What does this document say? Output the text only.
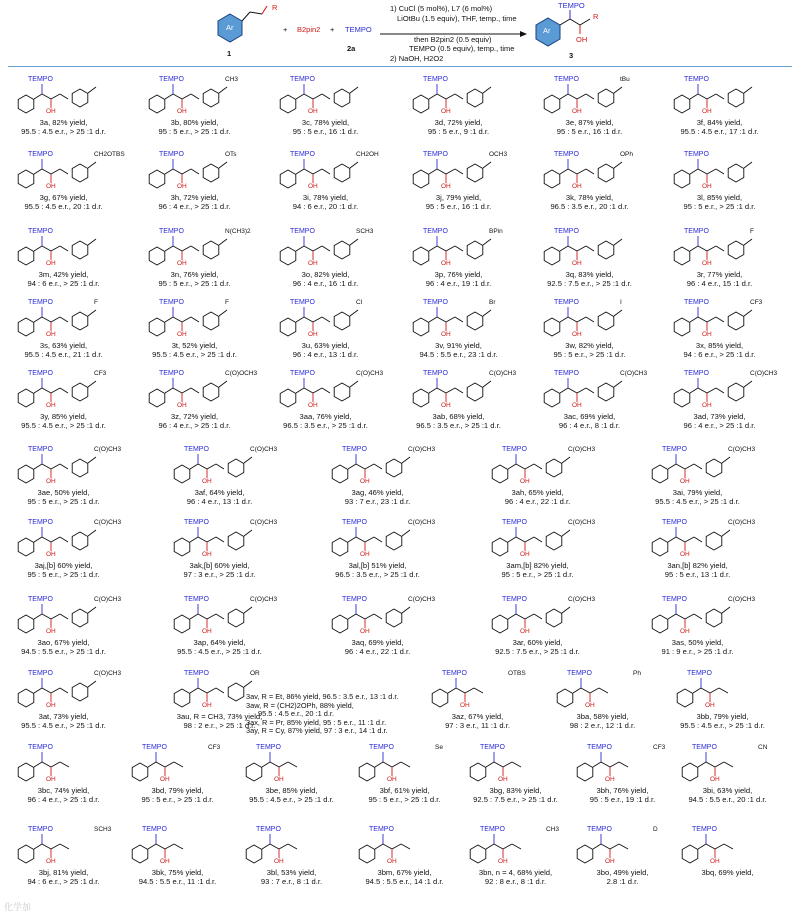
Ar
R
+ B2pin2 + TEMPO
1
2a
1) CuCl (5 mol%), L7 (6 mol%)
LiOtBu (1.5 equiv), THF, temp., time
then B2pin2 (0.5 equiv)
TEMPO (0.5 equiv), temp., time
2) NaOH, H2O2
Ar
TEMPO
OH
R
3
TEMPO
OH
3a, 82% yield,
95.5 : 4.5 e.r., > 25 :1 d.r.
TEMPO
OH
CH3
3b, 80% yield,
95 : 5 e.r., > 25 :1 d.r.
TEMPO
OH
3c, 78% yield,
95 : 5 e.r., 16 :1 d.r.
TEMPO
OH
3d, 72% yield,
95 : 5 e.r., 9 :1 d.r.
TEMPO
OH
tBu
3e, 87% yield,
95 : 5 e.r., 16 :1 d.r.
TEMPO
OH
3f, 84% yield,
95.5 : 4.5 e.r., 17 :1 d.r.
TEMPO
OH
CH2OTBS
3g, 67% yield,
95.5 : 4.5 e.r., 20 :1 d.r.
TEMPO
OH
OTs
3h, 72% yield,
96 : 4 e.r., > 25 :1 d.r.
TEMPO
OH
CH2OH
3i, 78% yield,
94 : 6 e.r., 20 :1 d.r.
TEMPO
OH
OCH3
3j, 79% yield,
95 : 5 e.r., 16 :1 d.r.
TEMPO
OH
OPh
3k, 78% yield,
96.5 : 3.5 e.r., 20 :1 d.r.
TEMPO
OH
3l, 85% yield,
95 : 5 e.r., > 25 :1 d.r.
TEMPO
OH
3m, 42% yield,
94 : 6 e.r., > 25 :1 d.r.
TEMPO
OH
N(CH3)2
3n, 76% yield,
95 : 5 e.r., > 25 :1 d.r.
TEMPO
OH
SCH3
3o, 82% yield,
96 : 4 e.r., 16 :1 d.r.
TEMPO
OH
BPin
3p, 76% yield,
96 : 4 e.r., 19 :1 d.r.
TEMPO
OH
3q, 83% yield,
92.5 : 7.5 e.r., > 25 :1 d.r.
TEMPO
OH
F
3r, 77% yield,
96 : 4 e.r., 15 :1 d.r.
TEMPO
OH
F
3s, 63% yield,
95.5 : 4.5 e.r., 21 :1 d.r.
TEMPO
OH
F
3t, 52% yield,
95.5 : 4.5 e.r., > 25 :1 d.r.
TEMPO
OH
Cl
3u, 63% yield,
96 : 4 e.r., 13 :1 d.r.
TEMPO
OH
Br
3v, 91% yield,
94.5 : 5.5 e.r., 23 :1 d.r.
TEMPO
OH
I
3w, 82% yield,
95 : 5 e.r., > 25 :1 d.r.
TEMPO
OH
CF3
3x, 85% yield,
94 : 6 e.r., > 25 :1 d.r.
TEMPO
OH
CF3
3y, 85% yield,
95.5 : 4.5 e.r., > 25 :1 d.r.
TEMPO
OH
C(O)OCH3
3z, 72% yield,
96 : 4 e.r., > 25 :1 d.r.
TEMPO
OH
C(O)CH3
3aa, 76% yield,
96.5 : 3.5 e.r., > 25 :1 d.r.
TEMPO
OH
C(O)CH3
3ab, 68% yield,
96.5 : 3.5 e.r., > 25 :1 d.r.
TEMPO
OH
C(O)CH3
3ac, 69% yield,
96 : 4 e.r., 8 :1 d.r.
TEMPO
OH
C(O)CH3
3ad, 73% yield,
96 : 4 e.r., > 25 :1 d.r.
TEMPO
OH
C(O)CH3
3ae, 50% yield,
95 : 5 e.r., > 25 :1 d.r.
TEMPO
OH
C(O)CH3
3af, 64% yield,
96 : 4 e.r., 13 :1 d.r.
TEMPO
OH
C(O)CH3
3ag, 46% yield,
93 : 7 e.r., 23 :1 d.r.
TEMPO
OH
C(O)CH3
3ah, 65% yield,
96 : 4 e.r., 22 :1 d.r.
TEMPO
OH
C(O)CH3
3ai, 79% yield,
95.5 : 4.5 e.r., > 25 :1 d.r.
TEMPO
OH
C(O)CH3
3aj,[b] 60% yield,
95 : 5 e.r., > 25 :1 d.r.
TEMPO
OH
C(O)CH3
3ak,[b] 60% yield,
97 : 3 e.r., > 25 :1 d.r.
TEMPO
OH
C(O)CH3
3al,[b] 51% yield,
96.5 : 3.5 e.r., > 25 :1 d.r.
TEMPO
OH
C(O)CH3
3am,[b] 82% yield,
95 : 5 e.r., > 25 :1 d.r.
TEMPO
OH
C(O)CH3
3an,[b] 82% yield,
95 : 5 e.r., 13 :1 d.r.
TEMPO
OH
C(O)CH3
3ao, 67% yield,
94.5 : 5.5 e.r., > 25 :1 d.r.
TEMPO
OH
C(O)CH3
3ap, 64% yield,
95.5 : 4.5 e.r., > 25 :1 d.r.
TEMPO
OH
C(O)CH3
3aq, 69% yield,
96 : 4 e.r., 22 :1 d.r.
TEMPO
OH
C(O)CH3
3ar, 60% yield,
92.5 : 7.5 e.r., > 25 :1 d.r.
TEMPO
OH
C(O)CH3
3as, 50% yield,
91 : 9 e.r., > 25 :1 d.r.
TEMPO
OH
C(O)CH3
3at, 73% yield,
95.5 : 4.5 e.r., > 25 :1 d.r.
TEMPO
OH
OR
3au, R = CH3, 73% yield,
98 : 2 e.r., > 25 :1 d.r.
TEMPO
OH
OTBS
3az, 67% yield,
97 : 3 e.r., 11 :1 d.r.
TEMPO
OH
Ph
3ba, 58% yield,
98 : 2 e.r., 12 :1 d.r.
TEMPO
OH
3bb, 79% yield,
95.5 : 4.5 e.r., > 25 :1 d.r.
TEMPO
OH
3bc, 74% yield,
96 : 4 e.r., > 25 :1 d.r.
TEMPO
OH
CF3
3bd, 79% yield,
95 : 5 e.r., > 25 :1 d.r.
TEMPO
OH
3be, 85% yield,
95.5 : 4.5 e.r., > 25 :1 d.r.
TEMPO
OH
Se
3bf, 61% yield,
95 : 5 e.r., > 25 :1 d.r.
TEMPO
OH
3bg, 83% yield,
92.5 : 7.5 e.r., > 25 :1 d.r.
TEMPO
OH
CF3
3bh, 76% yield,
95 : 5 e.r., 19 :1 d.r.
TEMPO
OH
CN
3bi, 63% yield,
94.5 : 5.5 e.r., 20 :1 d.r.
TEMPO
OH
SCH3
3bj, 81% yield,
94 : 6 e.r., > 25 :1 d.r.
TEMPO
OH
3bk, 75% yield,
94.5 : 5.5 e.r., 11 :1 d.r.
TEMPO
OH
3bl, 53% yield,
93 : 7 e.r., 8 :1 d.r.
TEMPO
OH
3bm, 67% yield,
94.5 : 5.5 e.r., 14 :1 d.r.
TEMPO
OH
CH3
3bn, n = 4, 68% yield,
92 : 8 e.r., 8 :1 d.r.
TEMPO
OH
D
3bo, 49% yield,
2.8 :1 d.r.
TEMPO
OH
3bq, 69% yield,
3av, R = Et, 86% yield, 96.5 : 3.5 e.r., 13 :1 d.r.
3aw, R = (CH2)2OPh, 88% yield,
95.5 : 4.5 e.r., 20 :1 d.r.
3ax, R = Pr, 85% yield, 95 : 5 e.r., 11 :1 d.r.
3ay, R = Cy, 87% yield, 97 : 3 e.r., 14 :1 d.r.
化学加
